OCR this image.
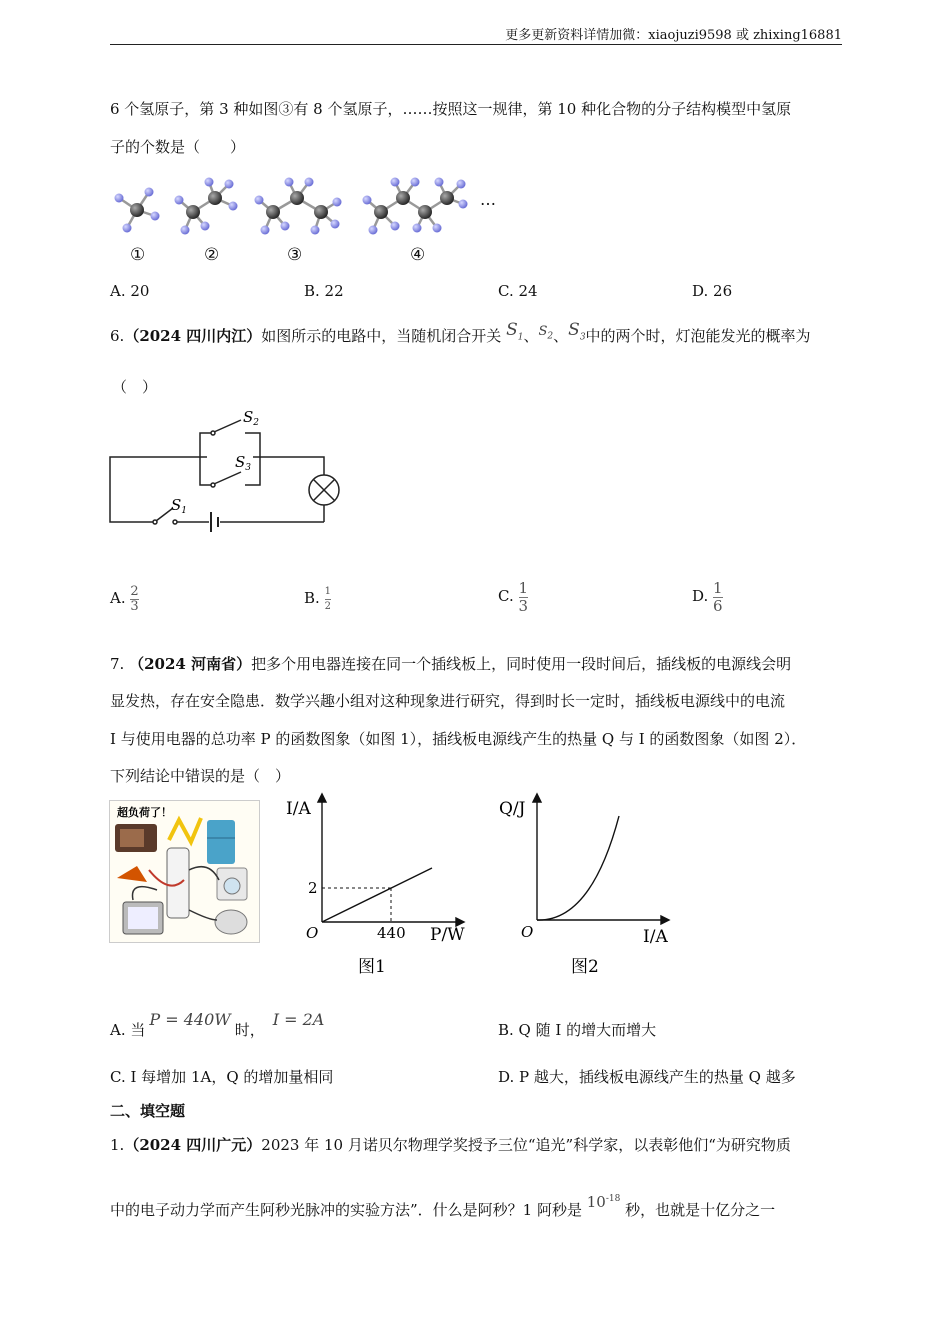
更多更新资料详情加微：xiaojuzi9598 或 zhixing16881
6 个氢原子，第 3 种如图③有 8 个氢原子，……按照这一规律，第 10 种化合物的分子结构模型中氢原
子的个数是（　　）
…
①	②	③	④
A. 20	B. 22	C. 24	D. 26
6.（2024 四川内江）如图所示的电路中，当随机闭合开关 $S_1$、$S_2$、$S_3$中的两个时，灯泡能发光的概率为
（　）
$S_1$
$S_2$
$S_3$
A. $\frac{2}{3}$	B. $\frac{1}{2}$	C. $\frac{1}{3}$	D. $\frac{1}{6}$
7. （2024 河南省）把多个用电器连接在同一个插线板上，同时使用一段时间后，插线板的电源线会明
显发热，存在安全隐患．数学兴趣小组对这种现象进行研究，得到时长一定时，插线板电源线中的电流
I 与使用电器的总功率 P 的函数图象（如图 1），插线板电源线产生的热量 Q 与 I 的函数图象（如图 2）．
下列结论中错误的是（　）
超负荷了！	I/A
2
O	440 P/W
图1
Q/J
O	I/A
图2
A. 当P = 440W时，I = 2A
B. Q 随 I 的增大而增大
C. I 每增加 1A，Q 的增加量相同	D. P 越大，插线板电源线产生的热量 Q 越多
二、填空题
1.（2024 四川广元）2023 年 10 月诺贝尔物理学奖授予三位“追光”科学家，以表彰他们“为研究物质
中的电子动力学而产生阿秒光脉冲的实验方法”．什么是阿秒？1 阿秒是 $10^{-18}$ 秒，也就是十亿分之一
